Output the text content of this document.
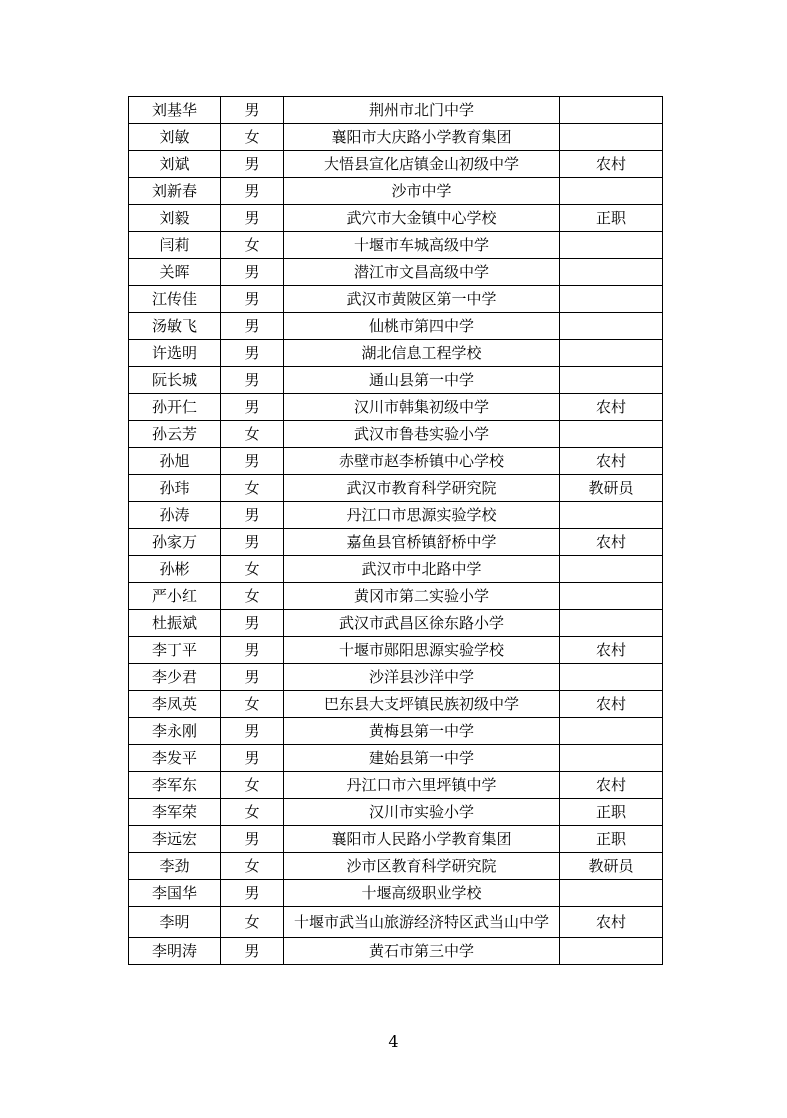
刘基华	男	荆州市北门中学	
刘敏	女	襄阳市大庆路小学教育集团	
刘斌	男	大悟县宣化店镇金山初级中学	农村
刘新春	男	沙市中学	
刘毅	男	武穴市大金镇中心学校	正职
闫莉	女	十堰市车城高级中学	
关晖	男	潜江市文昌高级中学	
江传佳	男	武汉市黄陂区第一中学	
汤敏飞	男	仙桃市第四中学	
许选明	男	湖北信息工程学校	
阮长城	男	通山县第一中学	
孙开仁	男	汉川市韩集初级中学	农村
孙云芳	女	武汉市鲁巷实验小学	
孙旭	男	赤壁市赵李桥镇中心学校	农村
孙玮	女	武汉市教育科学研究院	教研员
孙涛	男	丹江口市思源实验学校	
孙家万	男	嘉鱼县官桥镇舒桥中学	农村
孙彬	女	武汉市中北路中学	
严小红	女	黄冈市第二实验小学	
杜振斌	男	武汉市武昌区徐东路小学	
李丁平	男	十堰市郧阳思源实验学校	农村
李少君	男	沙洋县沙洋中学	
李凤英	女	巴东县大支坪镇民族初级中学	农村
李永刚	男	黄梅县第一中学	
李发平	男	建始县第一中学	
李军东	女	丹江口市六里坪镇中学	农村
李军荣	女	汉川市实验小学	正职
李远宏	男	襄阳市人民路小学教育集团	正职
李劲	女	沙市区教育科学研究院	教研员
李国华	男	十堰高级职业学校	
李明	女	十堰市武当山旅游经济特区武当山中学	农村
李明涛	男	黄石市第三中学	
4
